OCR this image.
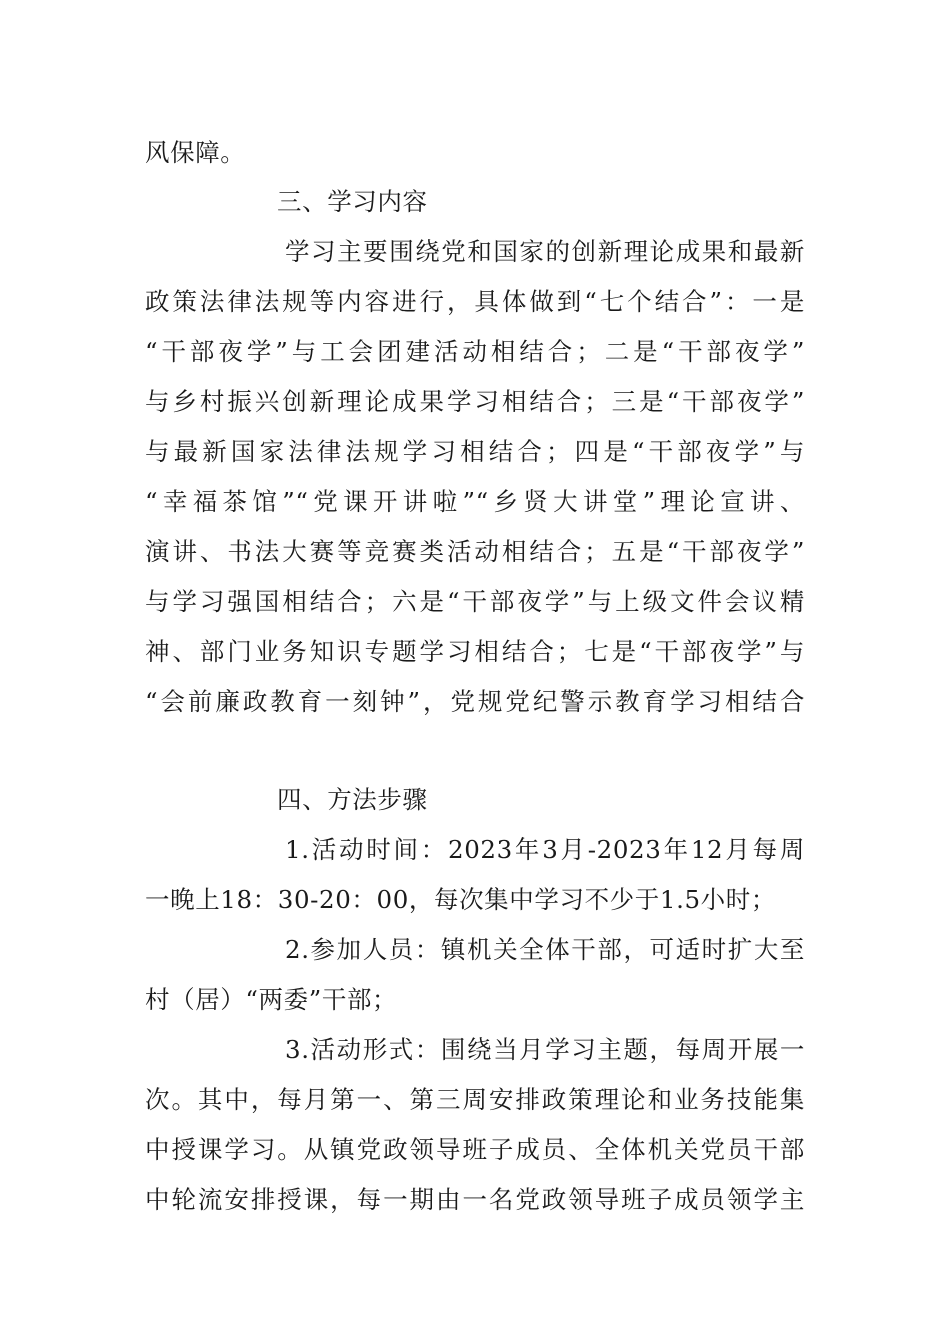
风保障。
三、学习内容
学习主要围绕党和国家的创新理论成果和最新
政策法律法规等内容进行，具体做到“七个结合”：一是
“干部夜学”与工会团建活动相结合；二是“干部夜学”
与乡村振兴创新理论成果学习相结合；三是“干部夜学”
与最新国家法律法规学习相结合；四是“干部夜学”与
“幸福茶馆”“党课开讲啦”“乡贤大讲堂”理论宣讲、
演讲、书法大赛等竞赛类活动相结合；五是“干部夜学”
与学习强国相结合；六是“干部夜学”与上级文件会议精
神、部门业务知识专题学习相结合；七是“干部夜学”与
“会前廉政教育一刻钟”，党规党纪警示教育学习相结合
四、方法步骤
1.活动时间：2023年3月-2023年12月每周
一晚上18：30-20：00，每次集中学习不少于1.5小时；
2.参加人员：镇机关全体干部，可适时扩大至
村（居）“两委”干部；
3.活动形式：围绕当月学习主题，每周开展一
次。其中，每月第一、第三周安排政策理论和业务技能集
中授课学习。从镇党政领导班子成员、全体机关党员干部
中轮流安排授课，每一期由一名党政领导班子成员领学主
